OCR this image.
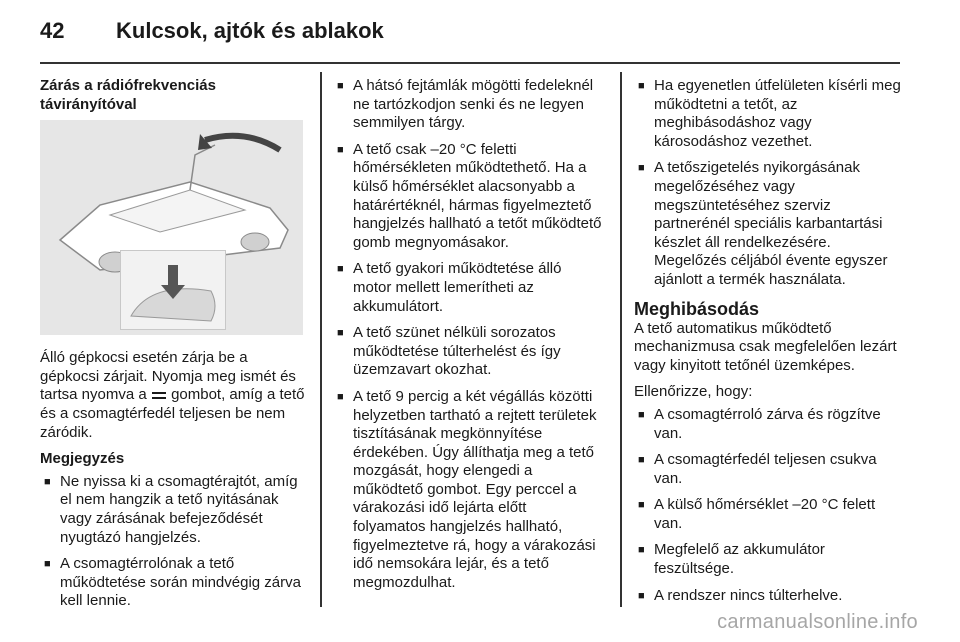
42	Kulcsok, ajtók és ablakok
Zárás a rádiófrekvenciás
távirányítóval

Álló gépkocsi esetén zárja be a gépkocsi zárjait. Nyomja meg ismét és tartsa nyomva a gombot, amíg a tető és a csomagtérfedél teljesen be nem záródik.

Megjegyzés
■ Ne nyissa ki a csomagtérajtót, amíg el nem hangzik a tető nyitásának vagy zárásának befejeződését nyugtázó hangjelzés.
■ A csomagtérrolónak a tető működtetése során mindvégig zárva kell lennie.
■ A hátsó fejtámlák mögötti fedeleknél ne tartózkodjon senki és ne legyen semmilyen tárgy.
■ A tető csak –20 °C feletti hőmérsékleten működtethető. Ha a külső hőmérséklet alacsonyabb a határértéknél, hármas figyelmeztető hangjelzés hallható a tetőt működtető gomb megnyomásakor.
■ A tető gyakori működtetése álló motor mellett lemerítheti az akkumulátort.
■ A tető szünet nélküli sorozatos működtetése túlterhelést és így üzemzavart okozhat.
■ A tető 9 percig a két végállás közötti helyzetben tartható a rejtett területek tisztításának megkönnyítése érdekében. Úgy állíthatja meg a tető mozgását, hogy elengedi a működtető gombot. Egy perccel a várakozási idő lejárta előtt folyamatos hangjelzés hallható, figyelmeztetve rá, hogy a várakozási idő nemsokára lejár, és a tető megmozdulhat.
■ Ha egyenetlen útfelületen kísérli meg működtetni a tetőt, az meghibásodáshoz vagy károsodáshoz vezethet.
■ A tetőszigetelés nyikorgásának megelőzéséhez vagy megszüntetéséhez szerviz partnerénél speciális karbantartási készlet áll rendelkezésére. Megelőzés céljából évente egyszer ajánlott a termék használata.
Meghibásodás

A tető automatikus működtető mechanizmusa csak megfelelően lezárt vagy kinyitott tetőnél üzemképes.

Ellenőrizze, hogy:

■ A csomagtérroló zárva és rögzítve van.
■ A csomagtérfedél teljesen csukva van.
■ A külső hőmérséklet –20 °C felett van.
■ Megfelelő az akkumulátor feszültsége.
■ A rendszer nincs túlterhelve.
carmanualsonline.info
